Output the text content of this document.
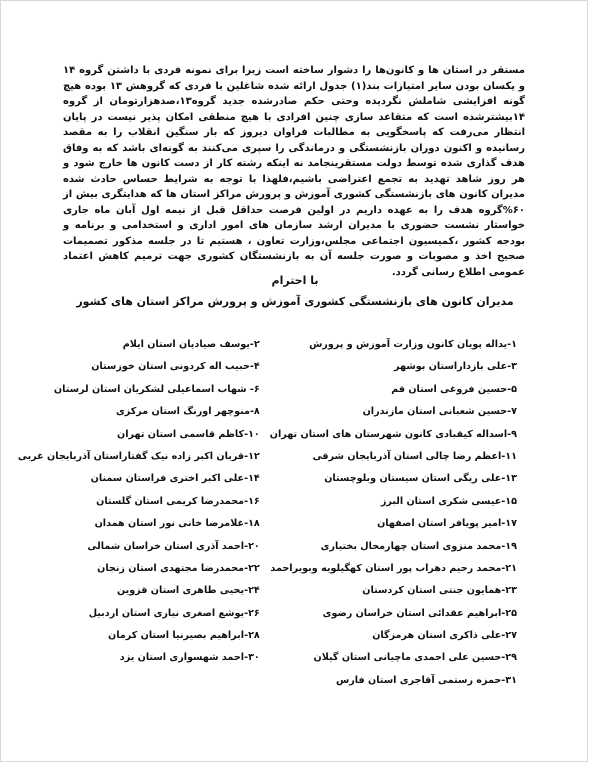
مستقر در استان ها و کانون‌ها را دشوار ساخته است زیرا برای نمونه فردی با داشتن گروه ۱۴ و یکسان بودن سایر امتیازات بند(۱) جدول ارائه شده شاغلین با فردی که گروهش ۱۳ بوده هیچ گونه افزایشی شاملش نگردیده وحتی حکم صادرشده جدید گروه۱۳،صدهزارتومان از گروه ۱۴بیشترشده است که متقاعد سازی چنین افرادی با هیچ منطقی امکان پذیر نیست در پایان انتظار می‌رفت که پاسخگویی به مطالبات فراوان دیروز که بار سنگین انقلاب را به مقصد رسانیده و اکنون دوران بازنشستگی و درماندگی را سپری می‌کنند به گونه‌ای باشد که به وفاق هدف گذاری شده توسط دولت مستقرینجامد نه اینکه رشته کار از دست کانون ها خارج شود و هر روز شاهد تهدید به تجمع اعتراضی باشیم،فلهذا با توجه به شرایط حساس حادث شده مدیران کانون های بازنشستگی کشوری آموزش و پرورش مراکز استان ها که هدایتگری بیش از ۶۰%گروه هدف را به عهده داریم در اولین فرصت حداقل قبل از نیمه اول آبان ماه جاری خواستار نشست حضوری با مدیران ارشد سازمان های امور اداری و استخدامی و برنامه و بودجه کشور ،کمیسیون اجتماعی مجلس،وزارت تعاون ، هستیم تا در جلسه مذکور تصمیمات صحیح اخذ و مصوبات و صورت جلسه آن به بازنشستگان کشوری جهت ترمیم کاهش اعتماد عمومی اطلاع رسانی گردد.

با احترام
مدیران کانون های بازنشستگی کشوری آموزش و پرورش مراکز استان های کشور
۱-یداله پویان کانون وزارت آموزش و پرورش
۲-یوسف صیادیان استان ایلام
۳-علی بازداراستان بوشهر
۴-حبیب اله کردونی استان خوزستان
۵-حسین فروغی استان قم
۶- شهاب اسماعیلی لشکریان استان لرستان
۷-حسین شعبانی استان مازندران
۸-منوچهر اورنگ استان مرکزی
۹-اسداله کیقبادی کانون شهرستان های استان تهران
۱۰-کاظم قاسمی استان تهران
۱۱-اعظم رضا چالی استان آذربایجان شرقی
۱۲-قربان اکبر زاده نیک گفتاراستان آذربایجان غربی
۱۳-علی ریگی استان سیستان وبلوچستان
۱۴-علی اکبر اختری فراستان سمنان
۱۵-عیسی شکری استان البرز
۱۶-محمدرضا کریمی استان گلستان
۱۷-امیر پویافر استان اصفهان
۱۸-غلامرضا خانی نور استان همدان
۱۹-محمد منزوی استان چهارمحال بختیاری
۲۰-احمد آذری استان خراسان شمالی
۲۱-محمد رحیم دهراب پور استان کهگیلویه وبویراحمد
۲۲-محمدرضا مجتهدی استان زنجان
۲۳-همایون جنتی استان کردستان
۲۴-یحیی طاهری استان قزوین
۲۵-ابراهیم عقدائی استان خراسان رضوی
۲۶-یوشع اصغری نیاری استان اردبیل
۲۷-علی ذاکری استان هرمزگان
۲۸-ابراهیم بصیرنیا استان کرمان
۲۹-حسین علی احمدی ماچیانی استان گیلان
۳۰-احمد شهسواری استان یزد
۳۱-حمزه رستمی آقاجری استان فارس
